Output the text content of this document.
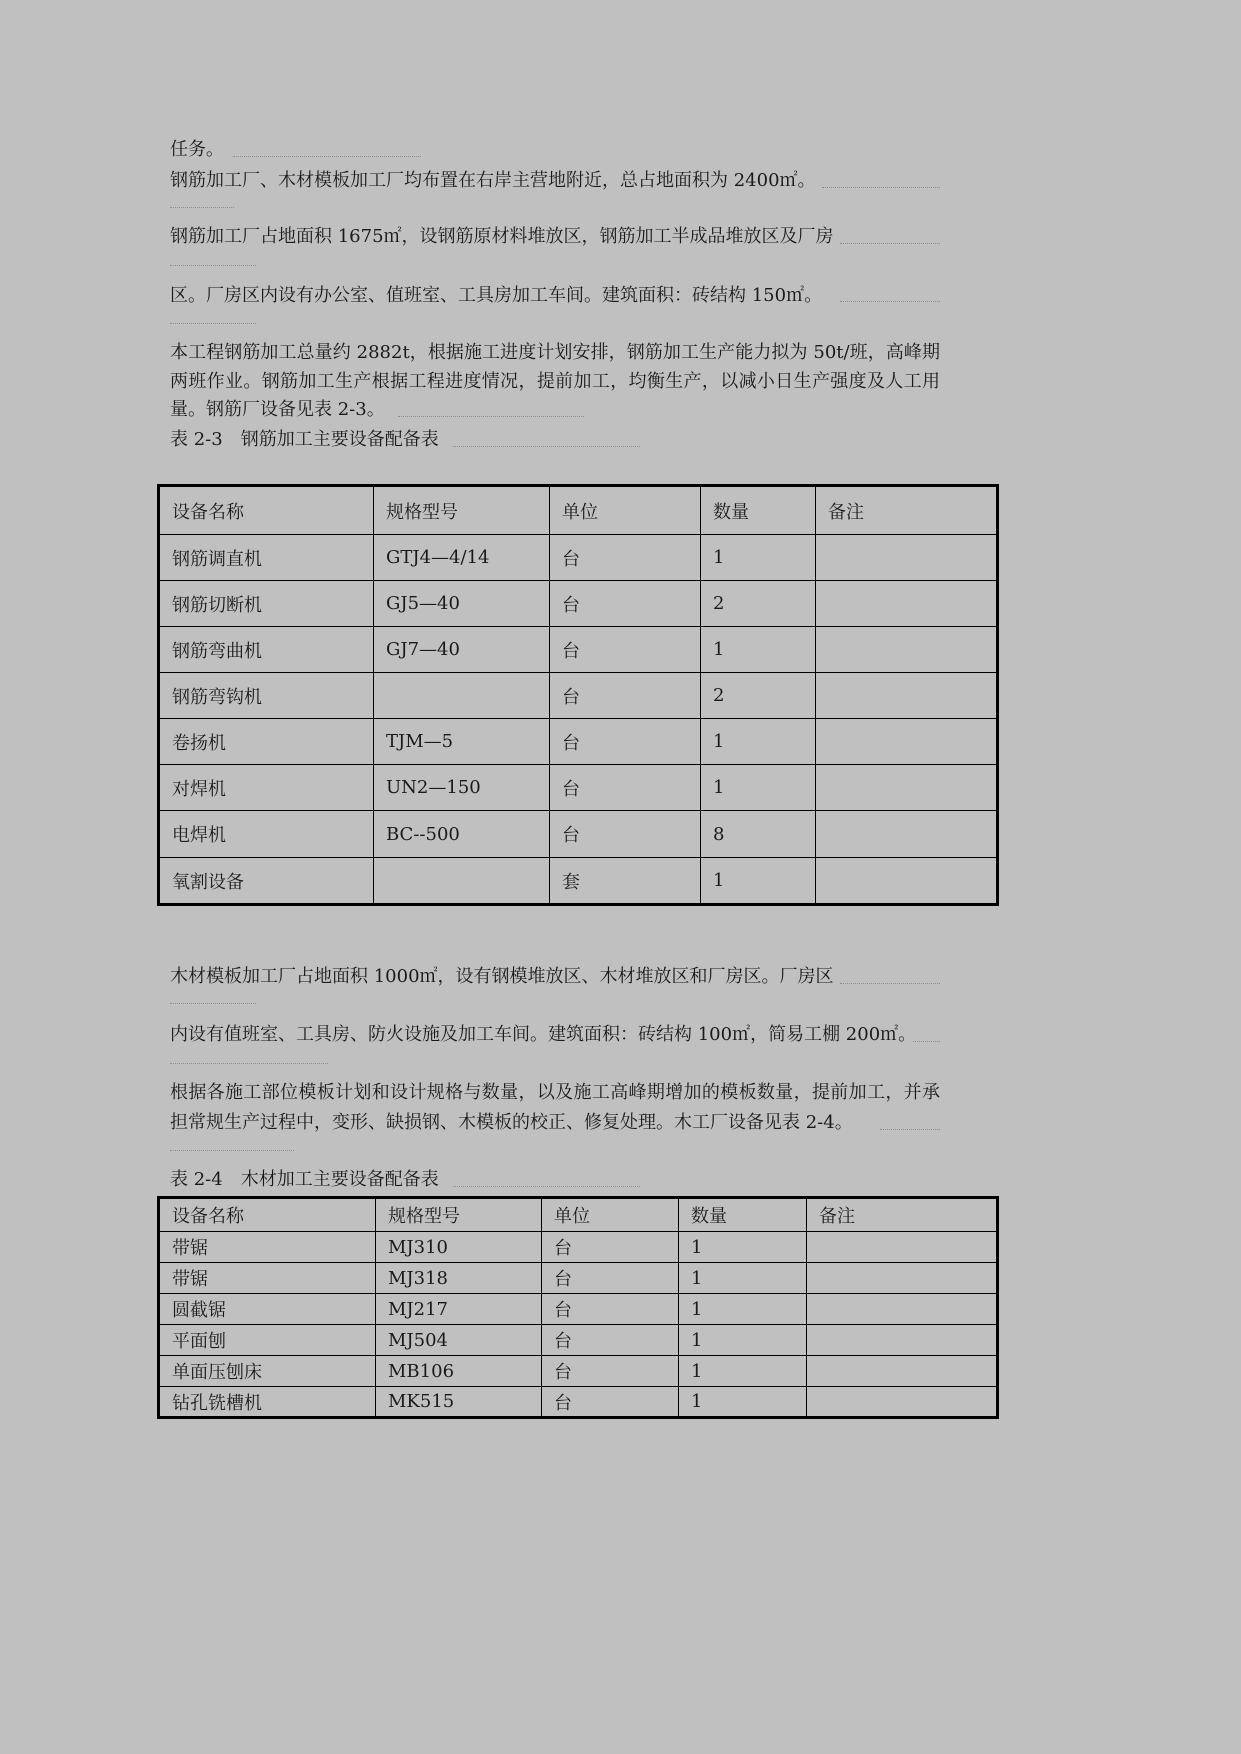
任务。
钢筋加工厂、木材模板加工厂均布置在右岸主营地附近，总占地面积为 2400㎡。
钢筋加工厂占地面积 1675㎡，设钢筋原材料堆放区，钢筋加工半成品堆放区及厂房
区。厂房区内设有办公室、值班室、工具房加工车间。建筑面积：砖结构 150㎡。
本工程钢筋加工总量约 2882t，根据施工进度计划安排，钢筋加工生产能力拟为 50t/班，高峰期
两班作业。钢筋加工生产根据工程进度情况，提前加工，均衡生产，以减小日生产强度及人工用
量。钢筋厂设备见表 2-3。
表 2-3　钢筋加工主要设备配备表
设备名称	规格型号	单位	数量	备注
钢筋调直机	GTJ4—4/14	台	1	
钢筋切断机	GJ5—40	台	2	
钢筋弯曲机	GJ7—40	台	1	
钢筋弯钩机		台	2	
卷扬机	TJM—5	台	1	
对焊机	UN2—150	台	1	
电焊机	BC--500	台	8	
氧割设备		套	1	
木材模板加工厂占地面积 1000㎡，设有钢模堆放区、木材堆放区和厂房区。厂房区
内设有值班室、工具房、防火设施及加工车间。建筑面积：砖结构 100㎡，简易工棚 200㎡。
根据各施工部位模板计划和设计规格与数量，以及施工高峰期增加的模板数量，提前加工，并承
担常规生产过程中，变形、缺损钢、木模板的校正、修复处理。木工厂设备见表 2-4。
表 2-4　木材加工主要设备配备表
设备名称	规格型号	单位	数量	备注
带锯	MJ310	台	1	
带锯	MJ318	台	1	
圆截锯	MJ217	台	1	
平面刨	MJ504	台	1	
单面压刨床	MB106	台	1	
钻孔铣槽机	MK515	台	1	
